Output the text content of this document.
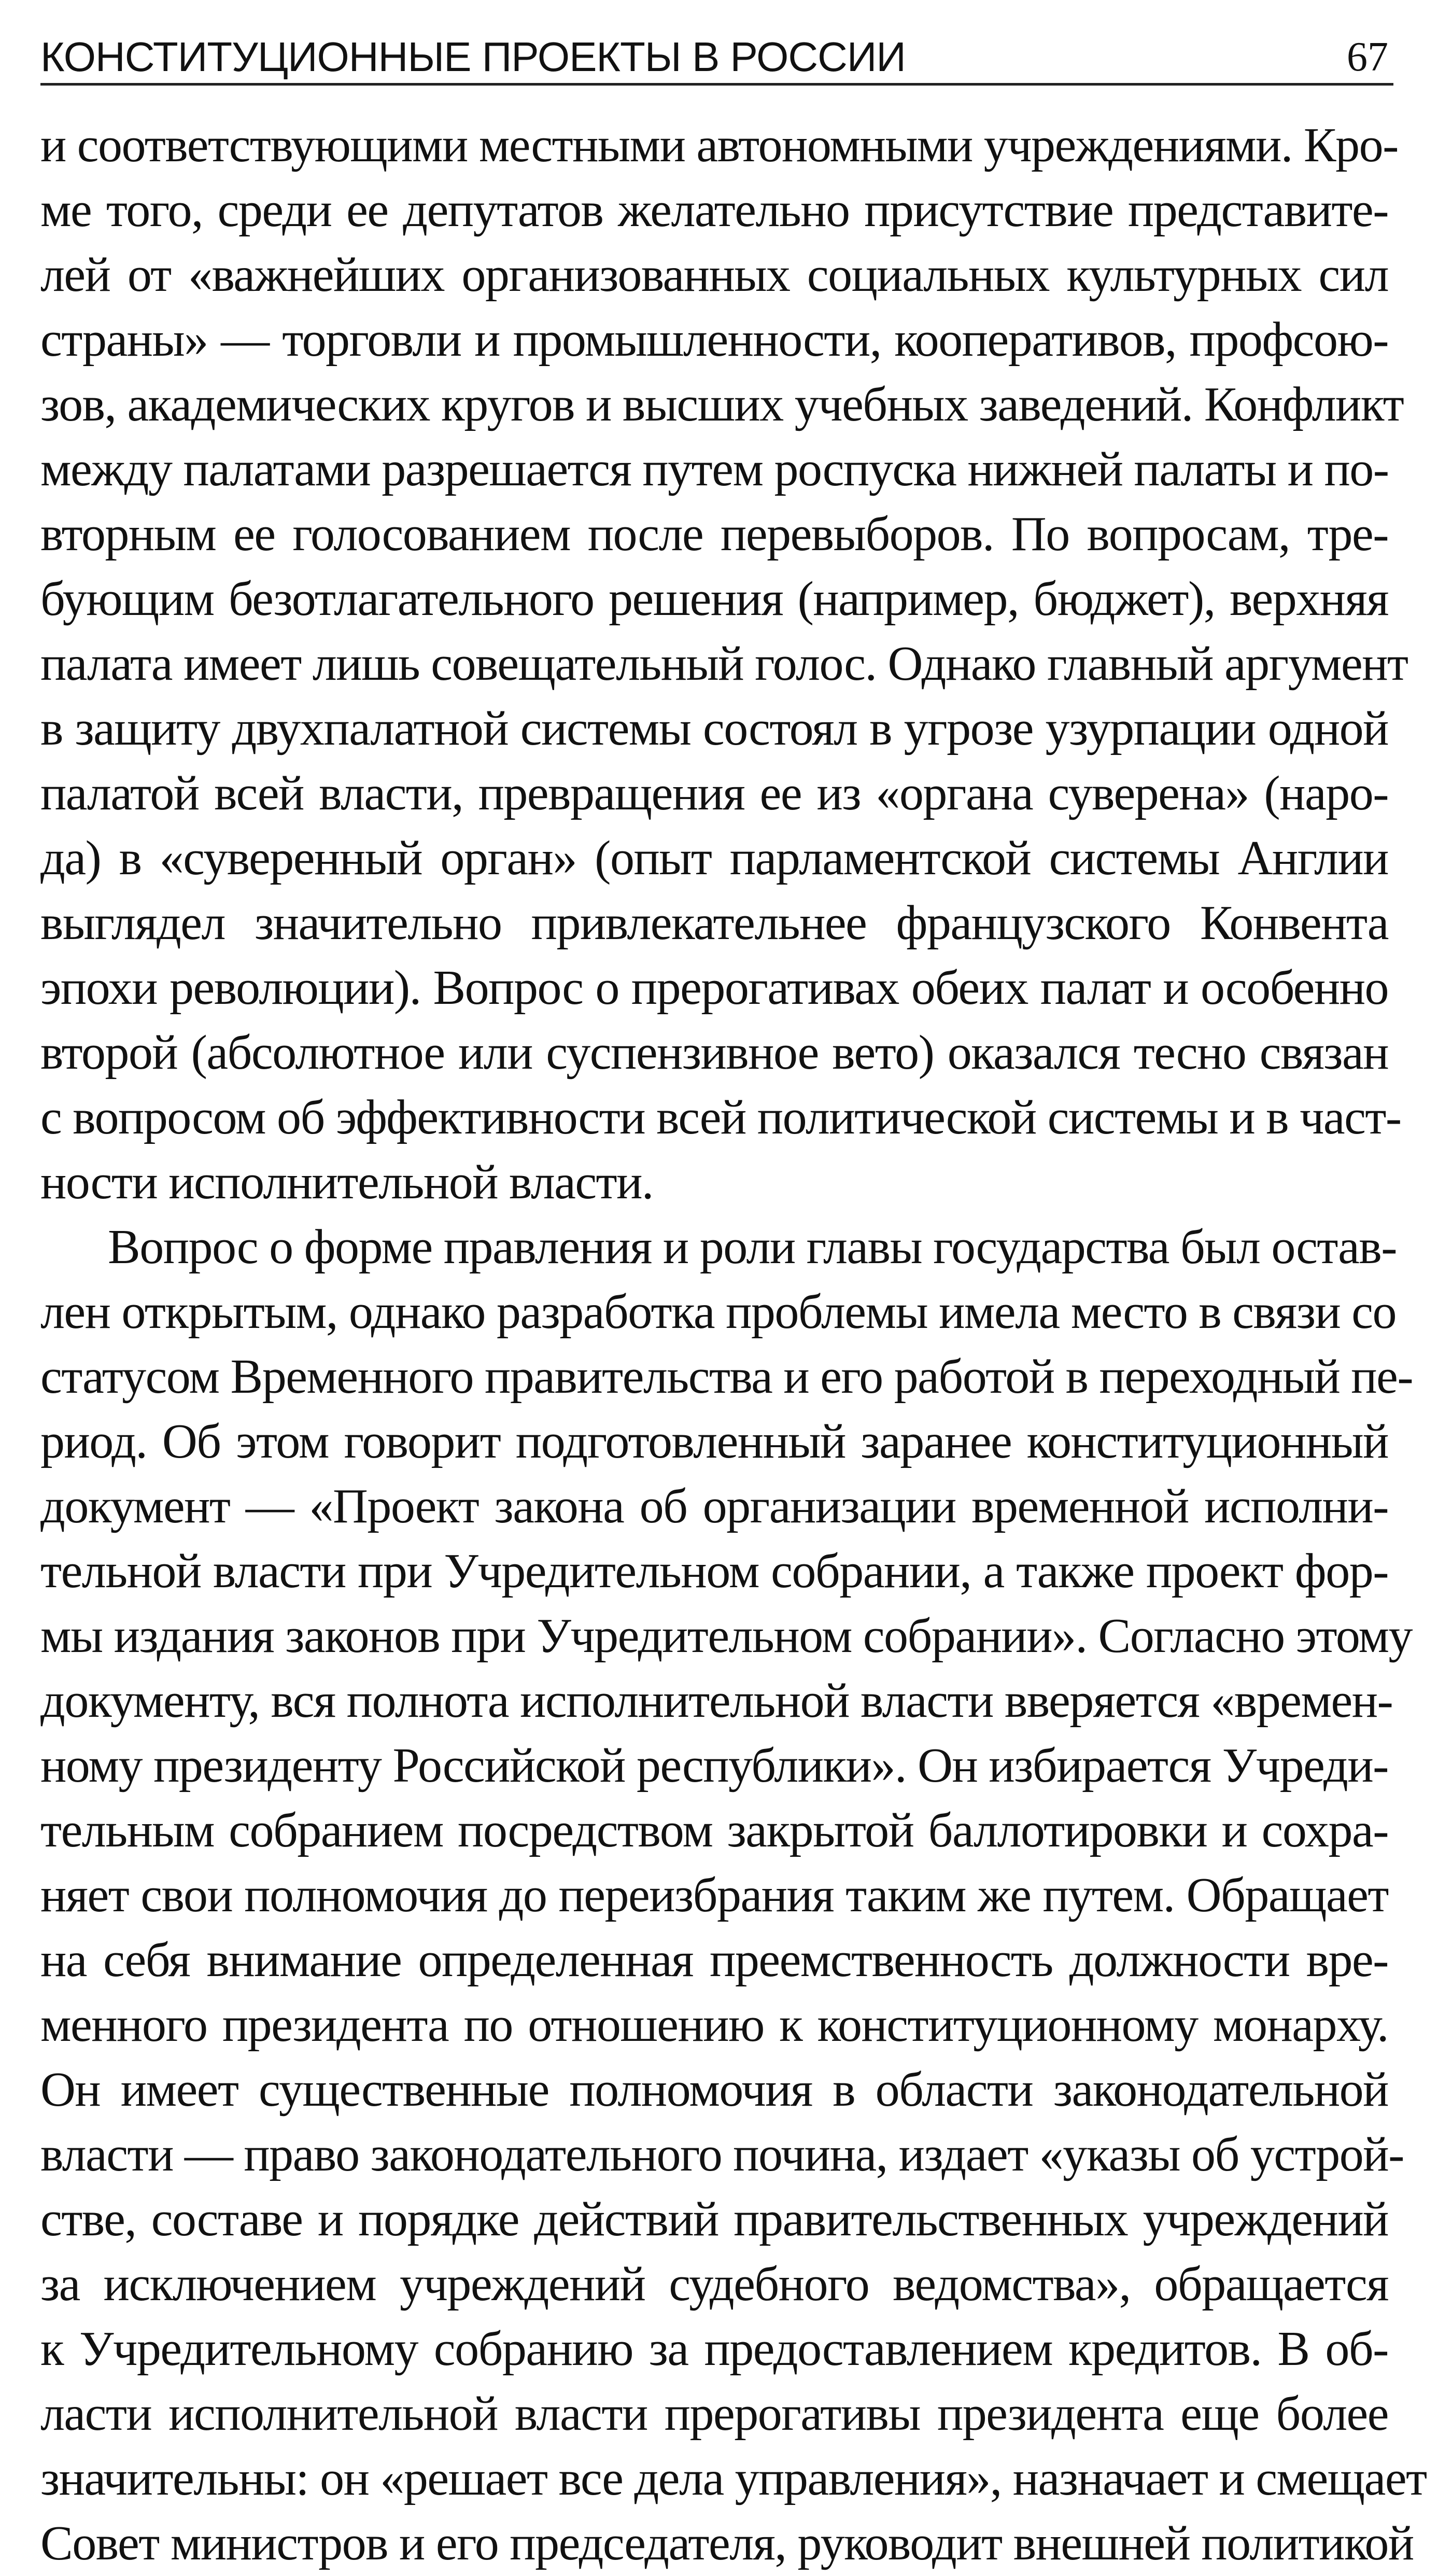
КОНСТИТУЦИОННЫЕ ПРОЕКТЫ В РОССИИ	67
и соответствующими местными автономными учреждениями. Кро-
ме того, среди ее депутатов желательно присутствие представите-
лей от «важнейших организованных социальных культурных сил
страны» — торговли и промышленности, кооперативов, профсою-
зов, академических кругов и высших учебных заведений. Конфликт
между палатами разрешается путем роспуска нижней палаты и по-
вторным ее голосованием после перевыборов. По вопросам, тре-
бующим безотлагательного решения (например, бюджет), верхняя
палата имеет лишь совещательный голос. Однако главный аргумент
в защиту двухпалатной системы состоял в угрозе узурпации одной
палатой всей власти, превращения ее из «органа суверена» (наро-
да) в «суверенный орган» (опыт парламентской системы Англии
выглядел значительно привлекательнее французского Конвента
эпохи революции). Вопрос о прерогативах обеих палат и особенно
второй (абсолютное или суспензивное вето) оказался тесно связан
с вопросом об эффективности всей политической системы и в част-
ности исполнительной власти.
Вопрос о форме правления и роли главы государства был остав-
лен открытым, однако разработка проблемы имела место в связи со
статусом Временного правительства и его работой в переходный пе-
риод. Об этом говорит подготовленный заранее конституционный
документ — «Проект закона об организации временной исполни-
тельной власти при Учредительном собрании, а также проект фор-
мы издания законов при Учредительном собрании». Согласно этому
документу, вся полнота исполнительной власти вверяется «времен-
ному президенту Российской республики». Он избирается Учреди-
тельным собранием посредством закрытой баллотировки и сохра-
няет свои полномочия до переизбрания таким же путем. Обращает
на себя внимание определенная преемственность должности вре-
менного президента по отношению к конституционному монарху.
Он имеет существенные полномочия в области законодательной
власти — право законодательного почина, издает «указы об устрой-
стве, составе и порядке действий правительственных учреждений
за исключением учреждений судебного ведомства», обращается
к Учредительному собранию за предоставлением кредитов. В об-
ласти исполнительной власти прерогативы президента еще более
значительны: он «решает все дела управления», назначает и смещает
Совет министров и его председателя, руководит внешней политикой
